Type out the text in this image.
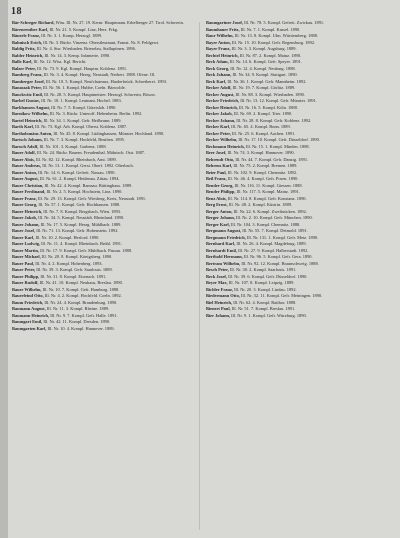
18
Bär-Schreger Richard, Wiss. Ill. Nr. 27. 19. Kernr. Hauptmann. Erbelberger 27. Tirol. Schwerin.
Bärenreuther Karl, Ill. Nr. 21. 5. Kompf. Linz, Herz. Frkg.
Bäuerle Franz, Ill. Nr. 3. 1. Komp. Herzogl. 1889.
Bahnisch Erich, Ill. Nr. 3. Rückr. Vinzenz. Oberstleutnant, Franzt. Nr. 8. Feldgewt.
Baldig Fritz, Ill. Nr. 4. Stsr. Wiesbaden. Brieselau, Stallupönen. 1896.
Balder Heinrich, Ill. Nr. 14. 3. Kemp. Infanterie, 1890.
Balle Karl, Ill. Nr. 12. Wiss. Kgl. Bericht.
Balzer Peter, Ill. Nr. 73. 9. Kgl. Kompl. Hauptm. Koblenz. 1891.
Bamberg Franz, Ill. Nr. 3. 4. Kompl. Herzg. Neustadt, Nerbert. 1888. Ofene. Ol.
Bamberger Josef, Ill. Nr. 10. 5. Kompl. Neufchateaux, Harderbrück. Schreiberei. 1893.
Banaszak Peter, Ill. Nr. 56. 1. Kompl. Hubbe, Coeln. Bärwolde.
Banckwitz Emil, Ill. Nr. 28. 5. Kompl. Hauptmeister. Herzogl. Schwerin, Bösow.
Barbel Gustav, Ill. Nr. 10. 1. Kompl. Leutnant. Hochel. 1883.
Barkhausen August, Ill. Nr. 7. 5. Kompl. Gütersloh. 1890.
Barnikow Wilhelm, Ill. Nr. 3. Rückr. Unteroff. Hebenheim. Berlin. 1892.
Bartel Heinrich, Ill. Nr. 34. 1. Kompl. Gefr. Heilbrunn. 1889.
Barth Karl, Ill. Nr. 73. Kgl. Arb. Kompl. Oberst. Koblenz. 1887.
Bartholomäus Anton, Ill. Nr. 45. 8. Kompl. Lüdinghausen, Münster. Hochland. 1890.
Bartsch Johann, Ill. Nr. 7. 3. Kompl. Hochfeld, Beuthen. 1895.
Baruch Adolf, Ill. Nr. 101. 3. Kompl. Garbenz. 1888.
Bauer Adolf, Ill. Nr. 24. Rückr. Bauern. Freudenthal. Mährisch. Ostr. 1887.
Bauer Alois, Ill. Nr. 82. 12. Kompl. Rheinbach, Amt. 1889.
Bauer Andreas, Ill. Nr. 13. 1. Kompl. Gerst. Oberf. 1892. Olterbach.
Bauer Anton, Ill. Nr. 14. 6. Kompl. Gefreit. Nassau. 1890.
Bauer August, Ill. Nr. 61. 2. Kompl. Heidenau. Zittau. 1894.
Bauer Christian, Ill. Nr. 42. 4. Kompl. Ramsau. Rüttinghaus. 1889.
Bauer Ferdinand, Ill. Nr. 2. 5. Kompl. Hochstein, Linz. 1890.
Bauer Franz, Ill. Nr. 29. 13. Kompl. Gefr. Wiesberg, Kreis, Neustadt. 1891.
Bauer Georg, Ill. Nr. 57. 1. Kompl. Gefr. Hochhausen. 1888.
Bauer Heinrich, Ill. Nr. 7. 8. Kompl. Bergsbach, Wien. 1893.
Bauer Jakob, Ill. Nr. 34. 5. Kompl. Neustädt. Rheinland. 1890.
Bauer Johann, Ill. Nr. 17. 5. Kompl. Herzg. Mühlbach. 1889.
Bauer Josef, Ill. Nr. 71. 13. Kompl. Gefr. Hohenstein. 1892.
Bauer Karl, Ill. Nr. 10. 2. Kompl. Herford. 1890.
Bauer Ludwig, Ill. Nr. 11. 4. Kompl. Rheinbach. Brühl. 1891.
Bauer Martin, Ill. Nr. 17. 9. Kompl. Gefr. Mühlbach. Passau. 1888.
Bauer Michael, Ill. Nr. 28. 8. Kompl. Königsberg. 1890.
Bauer Paul, Ill. Nr. 4. 2. Kompl. Hohenberg. 1893.
Bauer Peter, Ill. Nr. 39. 3. Kompl. Gefr. Saarlouis. 1889.
Bauer Philipp, Ill. Nr. 31. 8. Kompl. Eisenach. 1891.
Bauer Rudolf, Ill. Nr. 41. 10. Kompl. Neuhaus, Breslau. 1890.
Bauer Wilhelm, Ill. Nr. 10. 7. Kompl. Gefr. Hamburg. 1888.
Bauerfeind Otto, Ill. Nr. 4. 2. Kompl. Hochfeld. Coeln. 1892.
Baum Friedrich, Ill. Nr. 24. 4. Kompl. Brandenburg. 1890.
Baumann August, Ill. Nr. 11. 3. Kompl. Rheine. 1889.
Baumann Heinrich, Ill. Nr. 9. 7. Kompl. Gefr. Halle. 1891.
Baumgart Emil, Ill. Nr. 42. 11. Kompl. Dresden. 1890.
Baumgarten Karl, Ill. Nr. 10. 4. Kompl. Hannover. 1889.
Baumgartner Josef, Ill. Nr. 78. 5. Kompl. Gefreit. Zwickau. 1891.
Baumhauer Fritz, Ill. Nr. 7. 1. Kompl. Kassel. 1890.
Baur Wilhelm, Ill. Nr. 13. 8. Kompl. Ulm. Württemberg. 1888.
Bayer Anton, Ill. Nr. 15. 10. Kompl. Gefr. Regensburg. 1892.
Bayer Franz, Ill. Nr. 3. 3. Kompl. Augsburg. 1889.
Bechtel Heinrich, Ill. Nr. 87. 2. Kompl. Mainz. 1890.
Beck Adam, Ill. Nr. 14. 6. Kompl. Gefr. Speyer. 1891.
Beck Georg, Ill. Nr. 12. 4. Kompl. Neuburg. 1888.
Beck Johann, Ill. Nr. 34. 9. Kompl. Stuttgart. 1890.
Beck Karl, Ill. Nr. 36. 1. Kompl. Gefr. Mannheim. 1892.
Becker Adolf, Ill. Nr. 19. 7. Kompl. Görlitz. 1889.
Becker August, Ill. Nr. 88. 3. Kompl. Wiesbaden. 1890.
Becker Friedrich, Ill. Nr. 13. 12. Kompl. Gefr. Münster. 1891.
Becker Heinrich, Ill. Nr. 16. 5. Kompl. Köln. 1888.
Becker Jakob, Ill. Nr. 69. 2. Kompl. Trier. 1890.
Becker Johann, Ill. Nr. 28. 8. Kompl. Gefr. Koblenz. 1892.
Becker Karl, Ill. Nr. 65. 4. Kompl. Bonn. 1889.
Becker Peter, Ill. Nr. 25. 6. Kompl. Aachen. 1891.
Becker Wilhelm, Ill. Nr. 17. 10. Kompl. Gefr. Düsseldorf. 1890.
Beckmann Heinrich, Ill. Nr. 15. 1. Kompl. Minden. 1888.
Beer Josef, Ill. Nr. 74. 3. Kompl. Hannover. 1890.
Behrendt Otto, Ill. Nr. 44. 7. Kompl. Gefr. Danzig. 1891.
Behrens Karl, Ill. Nr. 75. 2. Kompl. Bremen. 1889.
Beier Paul, Ill. Nr. 102. 9. Kompl. Chemnitz. 1892.
Beil Franz, Ill. Nr. 46. 4. Kompl. Gefr. Posen. 1890.
Bender Georg, Ill. Nr. 116. 11. Kompl. Giessen. 1888.
Bender Philipp, Ill. Nr. 117. 5. Kompl. Mainz. 1891.
Benz Alois, Ill. Nr. 114. 8. Kompl. Gefr. Konstanz. 1890.
Berg Ernst, Ill. Nr. 48. 2. Kompl. Küstrin. 1889.
Berger Anton, Ill. Nr. 22. 6. Kompl. Zweibrücken. 1892.
Berger Johann, Ill. Nr. 2. 10. Kompl. Gefr. München. 1890.
Berger Karl, Ill. Nr. 104. 3. Kompl. Chemnitz. 1888.
Bergmann August, Ill. Nr. 55. 7. Kompl. Detmold. 1891.
Bergmann Friedrich, Ill. Nr. 131. 1. Kompl. Gefr. Metz. 1890.
Bernhard Karl, Ill. Nr. 26. 4. Kompl. Magdeburg. 1889.
Bernhardt Emil, Ill. Nr. 27. 9. Kompl. Halberstadt. 1892.
Berthold Hermann, Ill. Nr. 96. 5. Kompl. Gefr. Gera. 1890.
Bertram Wilhelm, Ill. Nr. 92. 12. Kompl. Braunschweig. 1888.
Besch Peter, Ill. Nr. 30. 2. Kompl. Saarlouis. 1891.
Beck Josef, Ill. Nr. 39. 6. Kompl. Gefr. Düsseldorf. 1890.
Beyer Max, Ill. Nr. 107. 8. Kompl. Leipzig. 1889.
Bichler Franz, Ill. Nr. 20. 3. Kompl. Lindau. 1892.
Biedermann Otto, Ill. Nr. 32. 11. Kompl. Gefr. Meiningen. 1890.
Biel Heinrich, Ill. Nr. 62. 4. Kompl. Ratibor. 1888.
Bienert Paul, Ill. Nr. 51. 7. Kompl. Breslau. 1891.
Bier Johann, Ill. Nr. 9. 1. Kompl. Gefr. Würzburg. 1890.
